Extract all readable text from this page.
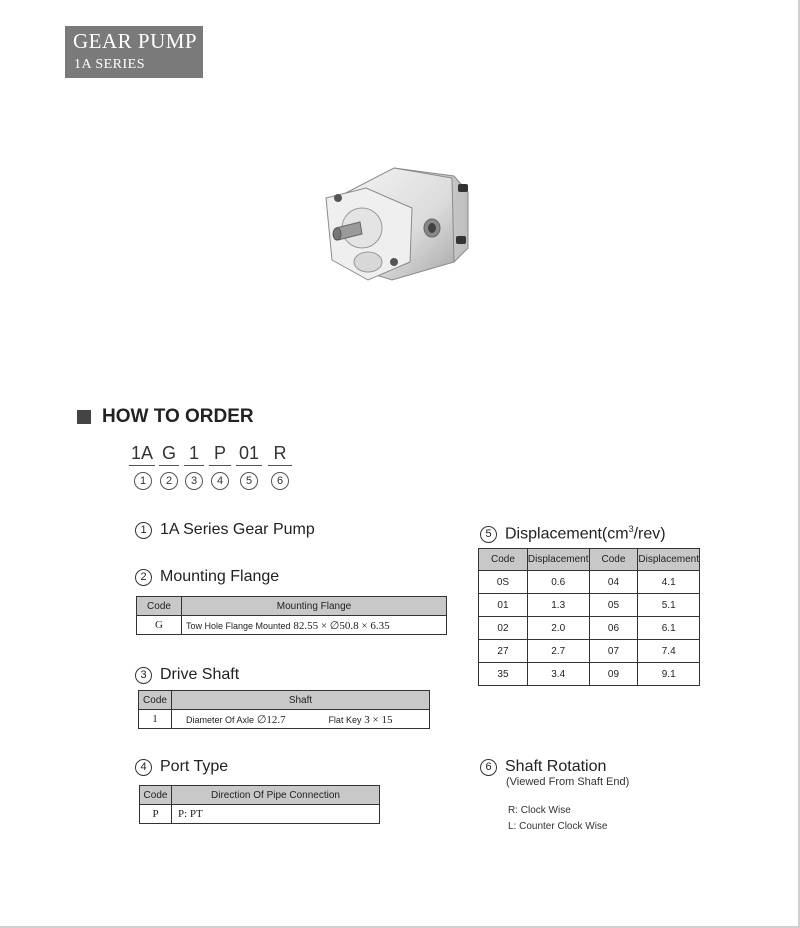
GEAR PUMP
1A SERIES
HOW TO ORDER
1A G 1 P 01 R
1	2	3	4	5	6
1 1A Series Gear Pump
2 Mounting Flange
Code	Mounting Flange
G	Tow Hole Flange Mounted 82.55 × ∅50.8 × 6.35
3 Drive Shaft
Code	Shaft
1	Diameter Of Axle ∅12.7 Flat Key 3 × 15
4 Port Type
Code	Direction Of Pipe Connection
P	P: PT
5 $Displacement(cm^3/rev)$
Code	Displacement	Code	Displacement
0S	0.6	04	4.1
01	1.3	05	5.1
02	2.0	06	6.1
27	2.7	07	7.4
35	3.4	09	9.1
6 Shaft Rotation
(Viewed From Shaft End)
R: Clock Wise
L: Counter Clock Wise
